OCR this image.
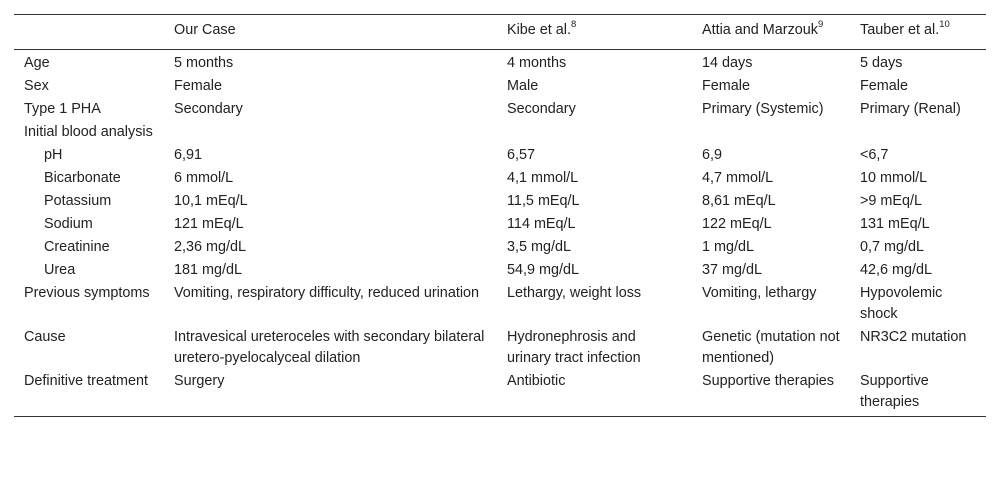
	Our Case	Kibe et al.$^8$	Attia and Marzouk$^9$	Tauber et al.$^{10}$
Age	5 months	4 months	14 days	5 days
Sex	Female	Male	Female	Female
Type 1 PHA	Secondary	Secondary	Primary (Systemic)	Primary (Renal)
Initial blood analysis				
pH	6,91	6,57	6,9	<6,7
Bicarbonate	6 mmol/L	4,1 mmol/L	4,7 mmol/L	10 mmol/L
Potassium	10,1 mEq/L	11,5 mEq/L	8,61 mEq/L	>9 mEq/L
Sodium	121 mEq/L	114 mEq/L	122 mEq/L	131 mEq/L
Creatinine	2,36 mg/dL	3,5 mg/dL	1 mg/dL	0,7 mg/dL
Urea	181 mg/dL	54,9 mg/dL	37 mg/dL	42,6 mg/dL
Previous symptoms	Vomiting, respiratory difficulty, reduced urination	Lethargy, weight loss	Vomiting, lethargy	Hypovolemic shock
Cause	Intravesical ureteroceles with secondary bilateral uretero-pyelocalyceal dilation	Hydronephrosis and urinary tract infection	Genetic (mutation not mentioned)	NR3C2 mutation
Definitive treatment	Surgery	Antibiotic	Supportive therapies	Supportive therapies
